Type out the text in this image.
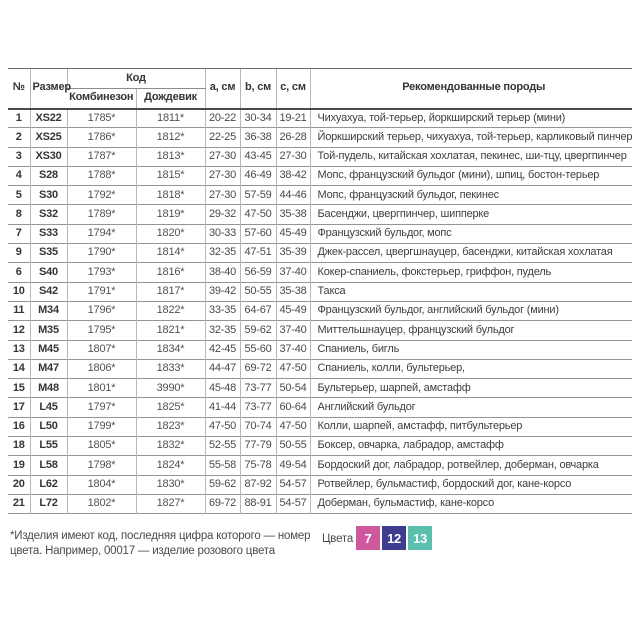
№	Размер	Код		a, см	b, см	c, см	Рекомендованные породы
		Комбинезон	Дождевик				
1	XS22	1785*	1811*	20-22	30-34	19-21	Чихуахуа, той-терьер, йоркширский терьер (мини)
2	XS25	1786*	1812*	22-25	36-38	26-28	Йоркширский терьер, чихуахуа, той-терьер, карликовый пинчер
3	XS30	1787*	1813*	27-30	43-45	27-30	Той-пудель, китайская хохлатая, пекинес, ши-тцу, цвергпинчер
4	S28	1788*	1815*	27-30	46-49	38-42	Мопс, французский бульдог (мини), шпиц, бостон-терьер
5	S30	1792*	1818*	27-30	57-59	44-46	Мопс, французский бульдог, пекинес
8	S32	1789*	1819*	29-32	47-50	35-38	Басенджи, цвергпинчер, шипперке
7	S33	1794*	1820*	30-33	57-60	45-49	Французский бульдог, мопс
9	S35	1790*	1814*	32-35	47-51	35-39	Джек-рассел, цвергшнауцер, басенджи, китайская хохлатая
6	S40	1793*	1816*	38-40	56-59	37-40	Кокер-спаниель, фокстерьер, гриффон, пудель
10	S42	1791*	1817*	39-42	50-55	35-38	Такса
11	M34	1796*	1822*	33-35	64-67	45-49	Французский бульдог, английский бульдог (мини)
12	M35	1795*	1821*	32-35	59-62	37-40	Миттельшнауцер, французский бульдог
13	M45	1807*	1834*	42-45	55-60	37-40	Спаниель, бигль
14	M47	1806*	1833*	44-47	69-72	47-50	Спаниель, колли, бультерьер,
15	M48	1801*	3990*	45-48	73-77	50-54	Бультерьер, шарпей, амстафф
17	L45	1797*	1825*	41-44	73-77	60-64	Английский бульдог
16	L50	1799*	1823*	47-50	70-74	47-50	Колли, шарпей, амстафф, питбультерьер
18	L55	1805*	1832*	52-55	77-79	50-55	Боксер, овчарка, лабрадор, амстафф
19	L58	1798*	1824*	55-58	75-78	49-54	Бордоский дог, лабрадор, ротвейлер, доберман, овчарка
20	L62	1804*	1830*	59-62	87-92	54-57	Ротвейлер, бульмастиф, бордоский дог, кане-корсо
21	L72	1802*	1827*	69-72	88-91	54-57	Доберман, бульмастиф, кане-корсо
*Изделия имеют код, последняя цифра которого — номер цвета. Например, 00017 — изделие розового цвета
Цвета 7	12 13
